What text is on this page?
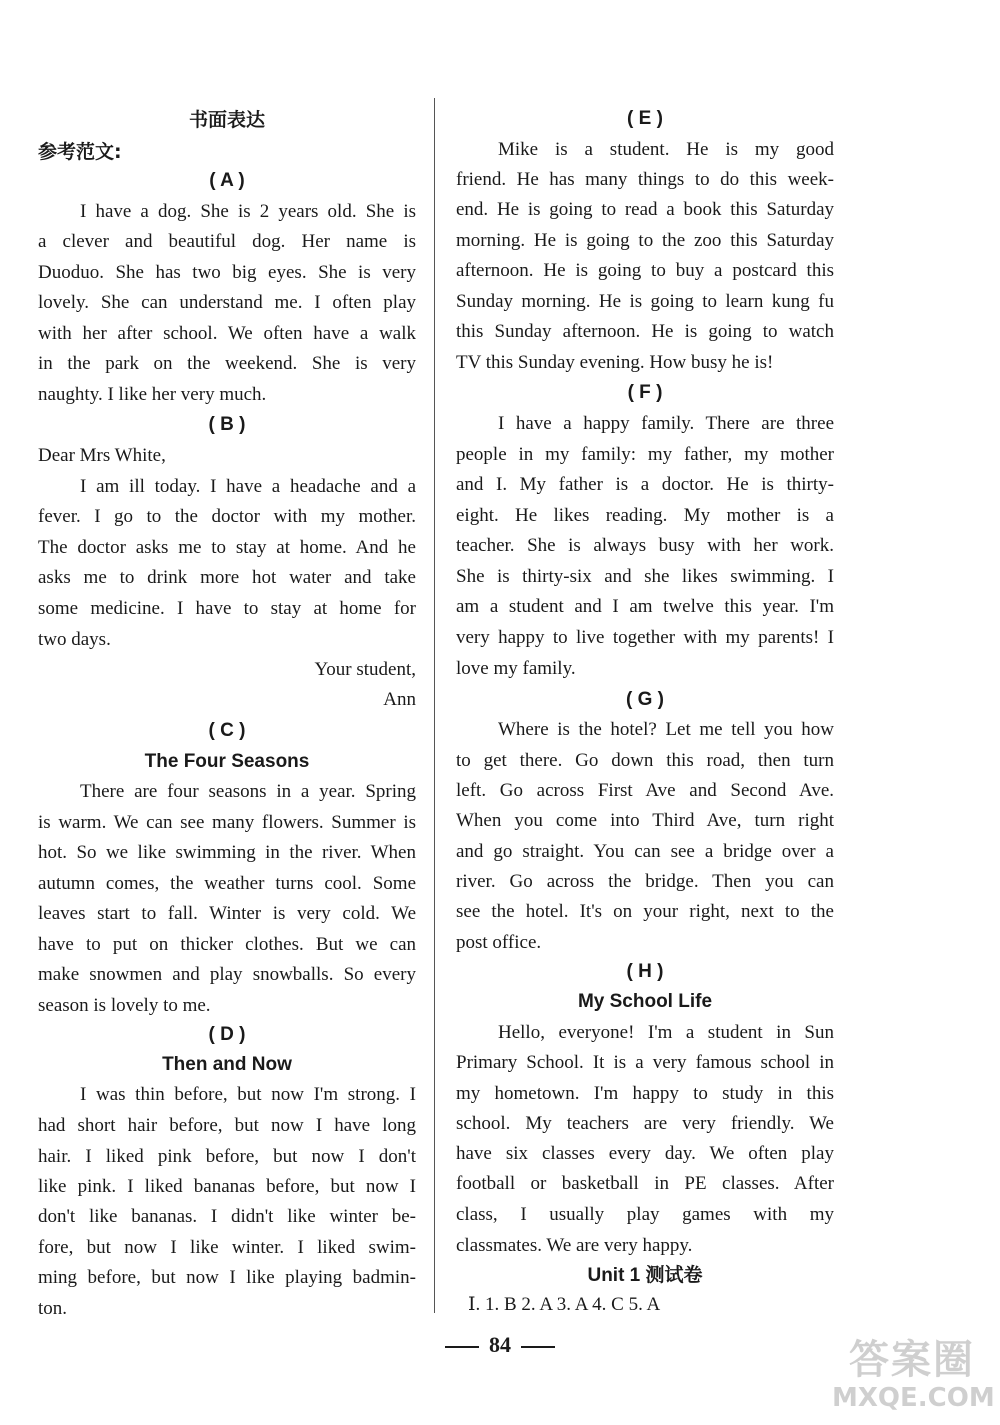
书面表达
参考范文:
( A )
I have a dog. She is 2 years old. She is
a clever and beautiful dog. Her name is
Duoduo. She has two big eyes. She is very
lovely. She can understand me. I often play
with her after school. We often have a walk
in the park on the weekend. She is very
naughty. I like her very much.
( B )
Dear Mrs White,
I am ill today. I have a headache and a
fever. I go to the doctor with my mother.
The doctor asks me to stay at home. And he
asks me to drink more hot water and take
some medicine. I have to stay at home for
two days.
Your student,
Ann
( C )
The Four Seasons
There are four seasons in a year. Spring
is warm. We can see many flowers. Summer is
hot. So we like swimming in the river. When
autumn comes, the weather turns cool. Some
leaves start to fall. Winter is very cold. We
have to put on thicker clothes. But we can
make snowmen and play snowballs. So every
season is lovely to me.
( D )
Then and Now
I was thin before, but now I'm strong. I
had short hair before, but now I have long
hair. I liked pink before, but now I don't
like pink. I liked bananas before, but now I
don't like bananas. I didn't like winter be-
fore, but now I like winter. I liked swim-
ming before, but now I like playing badmin-
ton.
( E )
Mike is a student. He is my good
friend. He has many things to do this week-
end. He is going to read a book this Saturday
morning. He is going to the zoo this Saturday
afternoon. He is going to buy a postcard this
Sunday morning. He is going to learn kung fu
this Sunday afternoon. He is going to watch
TV this Sunday evening. How busy he is!
( F )
I have a happy family. There are three
people in my family: my father, my mother
and I. My father is a doctor. He is thirty-
eight. He likes reading. My mother is a
teacher. She is always busy with her work.
She is thirty-six and she likes swimming. I
am a student and I am twelve this year. I'm
very happy to live together with my parents! I
love my family.
( G )
Where is the hotel? Let me tell you how
to get there. Go down this road, then turn
left. Go across First Ave and Second Ave.
When you come into Third Ave, turn right
and go straight. You can see a bridge over a
river. Go across the bridge. Then you can
see the hotel. It's on your right, next to the
post office.
( H )
My School Life
Hello, everyone! I'm a student in Sun
Primary School. It is a very famous school in
my hometown. I'm happy to study in this
school. My teachers are very friendly. We
have six classes every day. We often play
football or basketball in PE classes. After
class, I usually play games with my
classmates. We are very happy.
Unit 1 测试卷
Ⅰ. 1. B 2. A 3. A 4. C 5. A
84	答案圈
MXQE.COM
